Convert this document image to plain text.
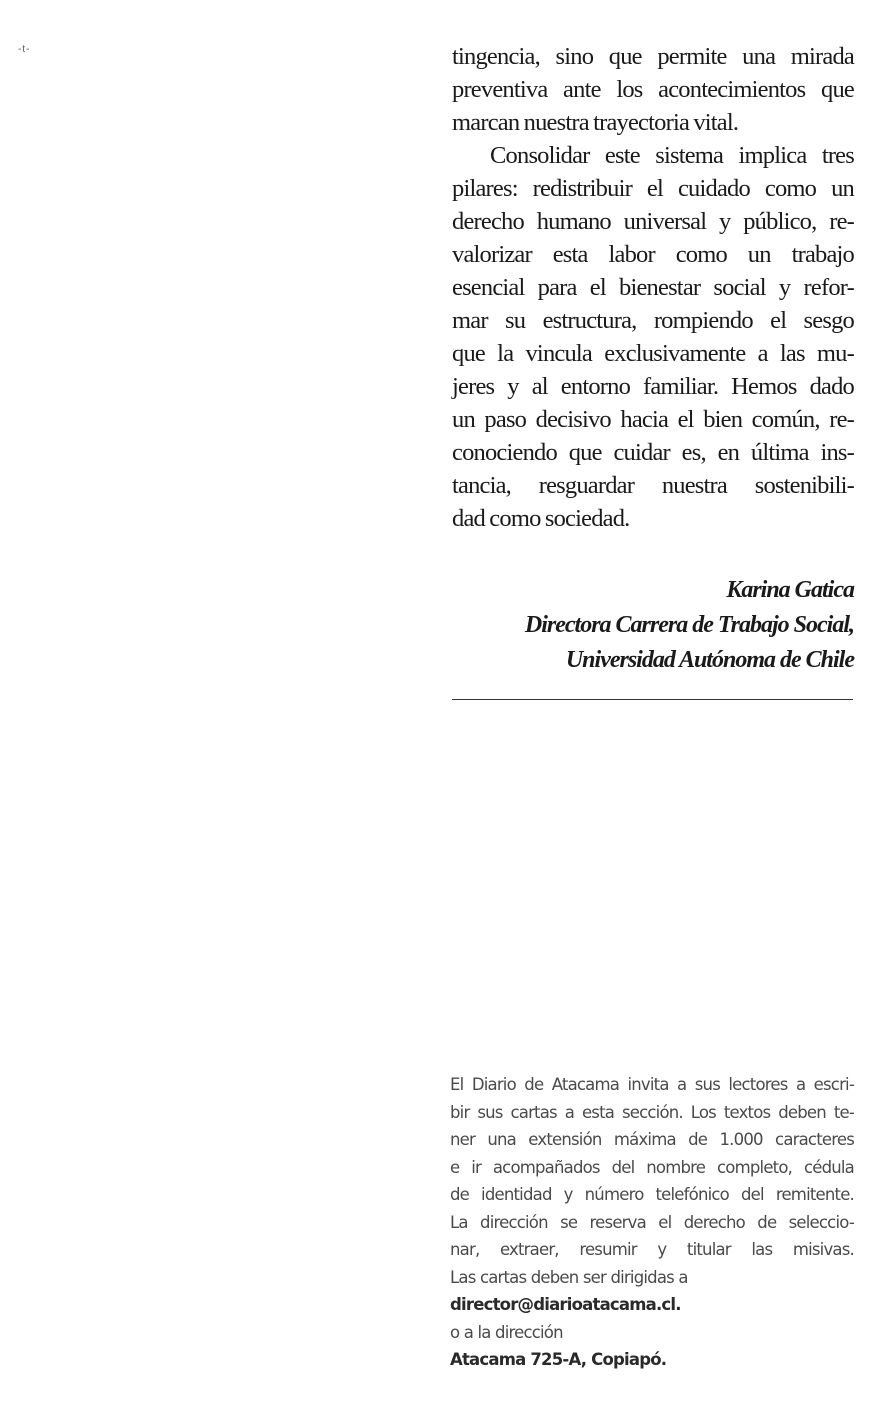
-t-	tingencia, sino que permite una mirada
preventiva ante los acontecimientos que
marcan nuestra trayectoria vital.

Consolidar este sistema implica tres
pilares: redistribuir el cuidado como un
derecho humano universal y público, re-
valorizar esta labor como un trabajo
esencial para el bienestar social y refor-
mar su estructura, rompiendo el sesgo
que la vincula exclusivamente a las mu-
jeres y al entorno familiar. Hemos dado
un paso decisivo hacia el bien común, re-
conociendo que cuidar es, en última ins-
tancia, resguardar nuestra sostenibili-
dad como sociedad.

Karina Gatica
Directora Carrera de Trabajo Social,
Universidad Autónoma de Chile
El Diario de Atacama invita a sus lectores a escri-
bir sus cartas a esta sección. Los textos deben te-
ner una extensión máxima de 1.000 caracteres
e ir acompañados del nombre completo, cédula
de identidad y número telefónico del remitente.
La dirección se reserva el derecho de seleccio-
nar, extraer, resumir y titular las misivas.
Las cartas deben ser dirigidas a
director@diarioatacama.cl.
o a la dirección
Atacama 725-A, Copiapó.
